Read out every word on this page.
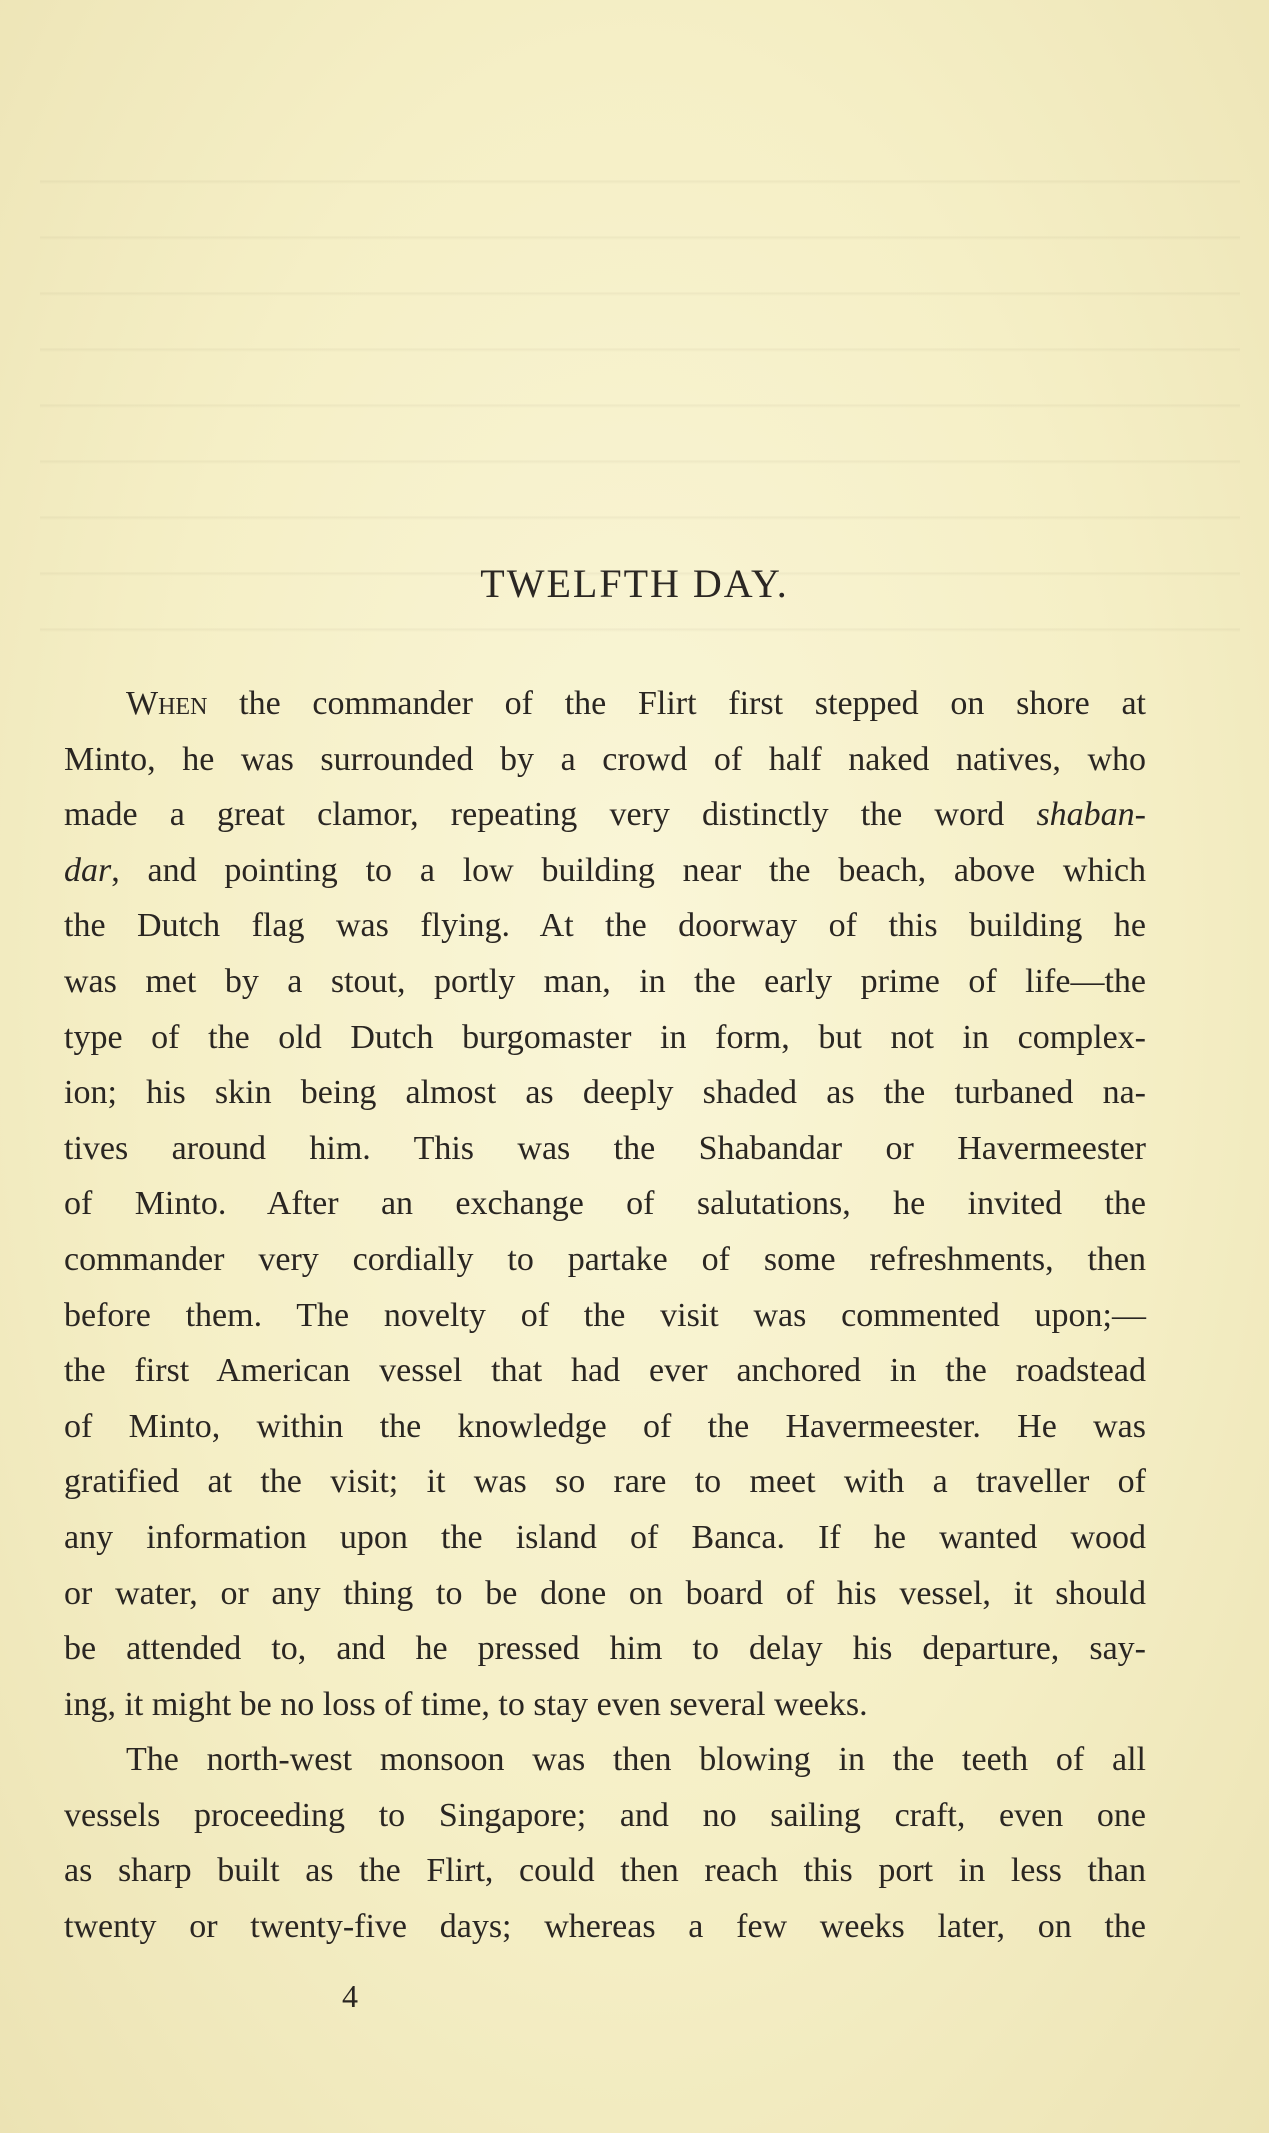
TWELFTH DAY.
When the commander of the Flirt first stepped on shore at
Minto, he was surrounded by a crowd of half naked natives, who
made a great clamor, repeating very distinctly the word shaban-
dar, and pointing to a low building near the beach, above which
the Dutch flag was flying. At the doorway of this building he
was met by a stout, portly man, in the early prime of life—the
type of the old Dutch burgomaster in form, but not in complex-
ion; his skin being almost as deeply shaded as the turbaned na-
tives around him. This was the Shabandar or Havermeester
of Minto. After an exchange of salutations, he invited the
commander very cordially to partake of some refreshments, then
before them. The novelty of the visit was commented upon;—
the first American vessel that had ever anchored in the roadstead
of Minto, within the knowledge of the Havermeester. He was
gratified at the visit; it was so rare to meet with a traveller of
any information upon the island of Banca. If he wanted wood
or water, or any thing to be done on board of his vessel, it should
be attended to, and he pressed him to delay his departure, say-
ing, it might be no loss of time, to stay even several weeks.
The north-west monsoon was then blowing in the teeth of all
vessels proceeding to Singapore; and no sailing craft, even one
as sharp built as the Flirt, could then reach this port in less than
twenty or twenty-five days; whereas a few weeks later, on the
4
